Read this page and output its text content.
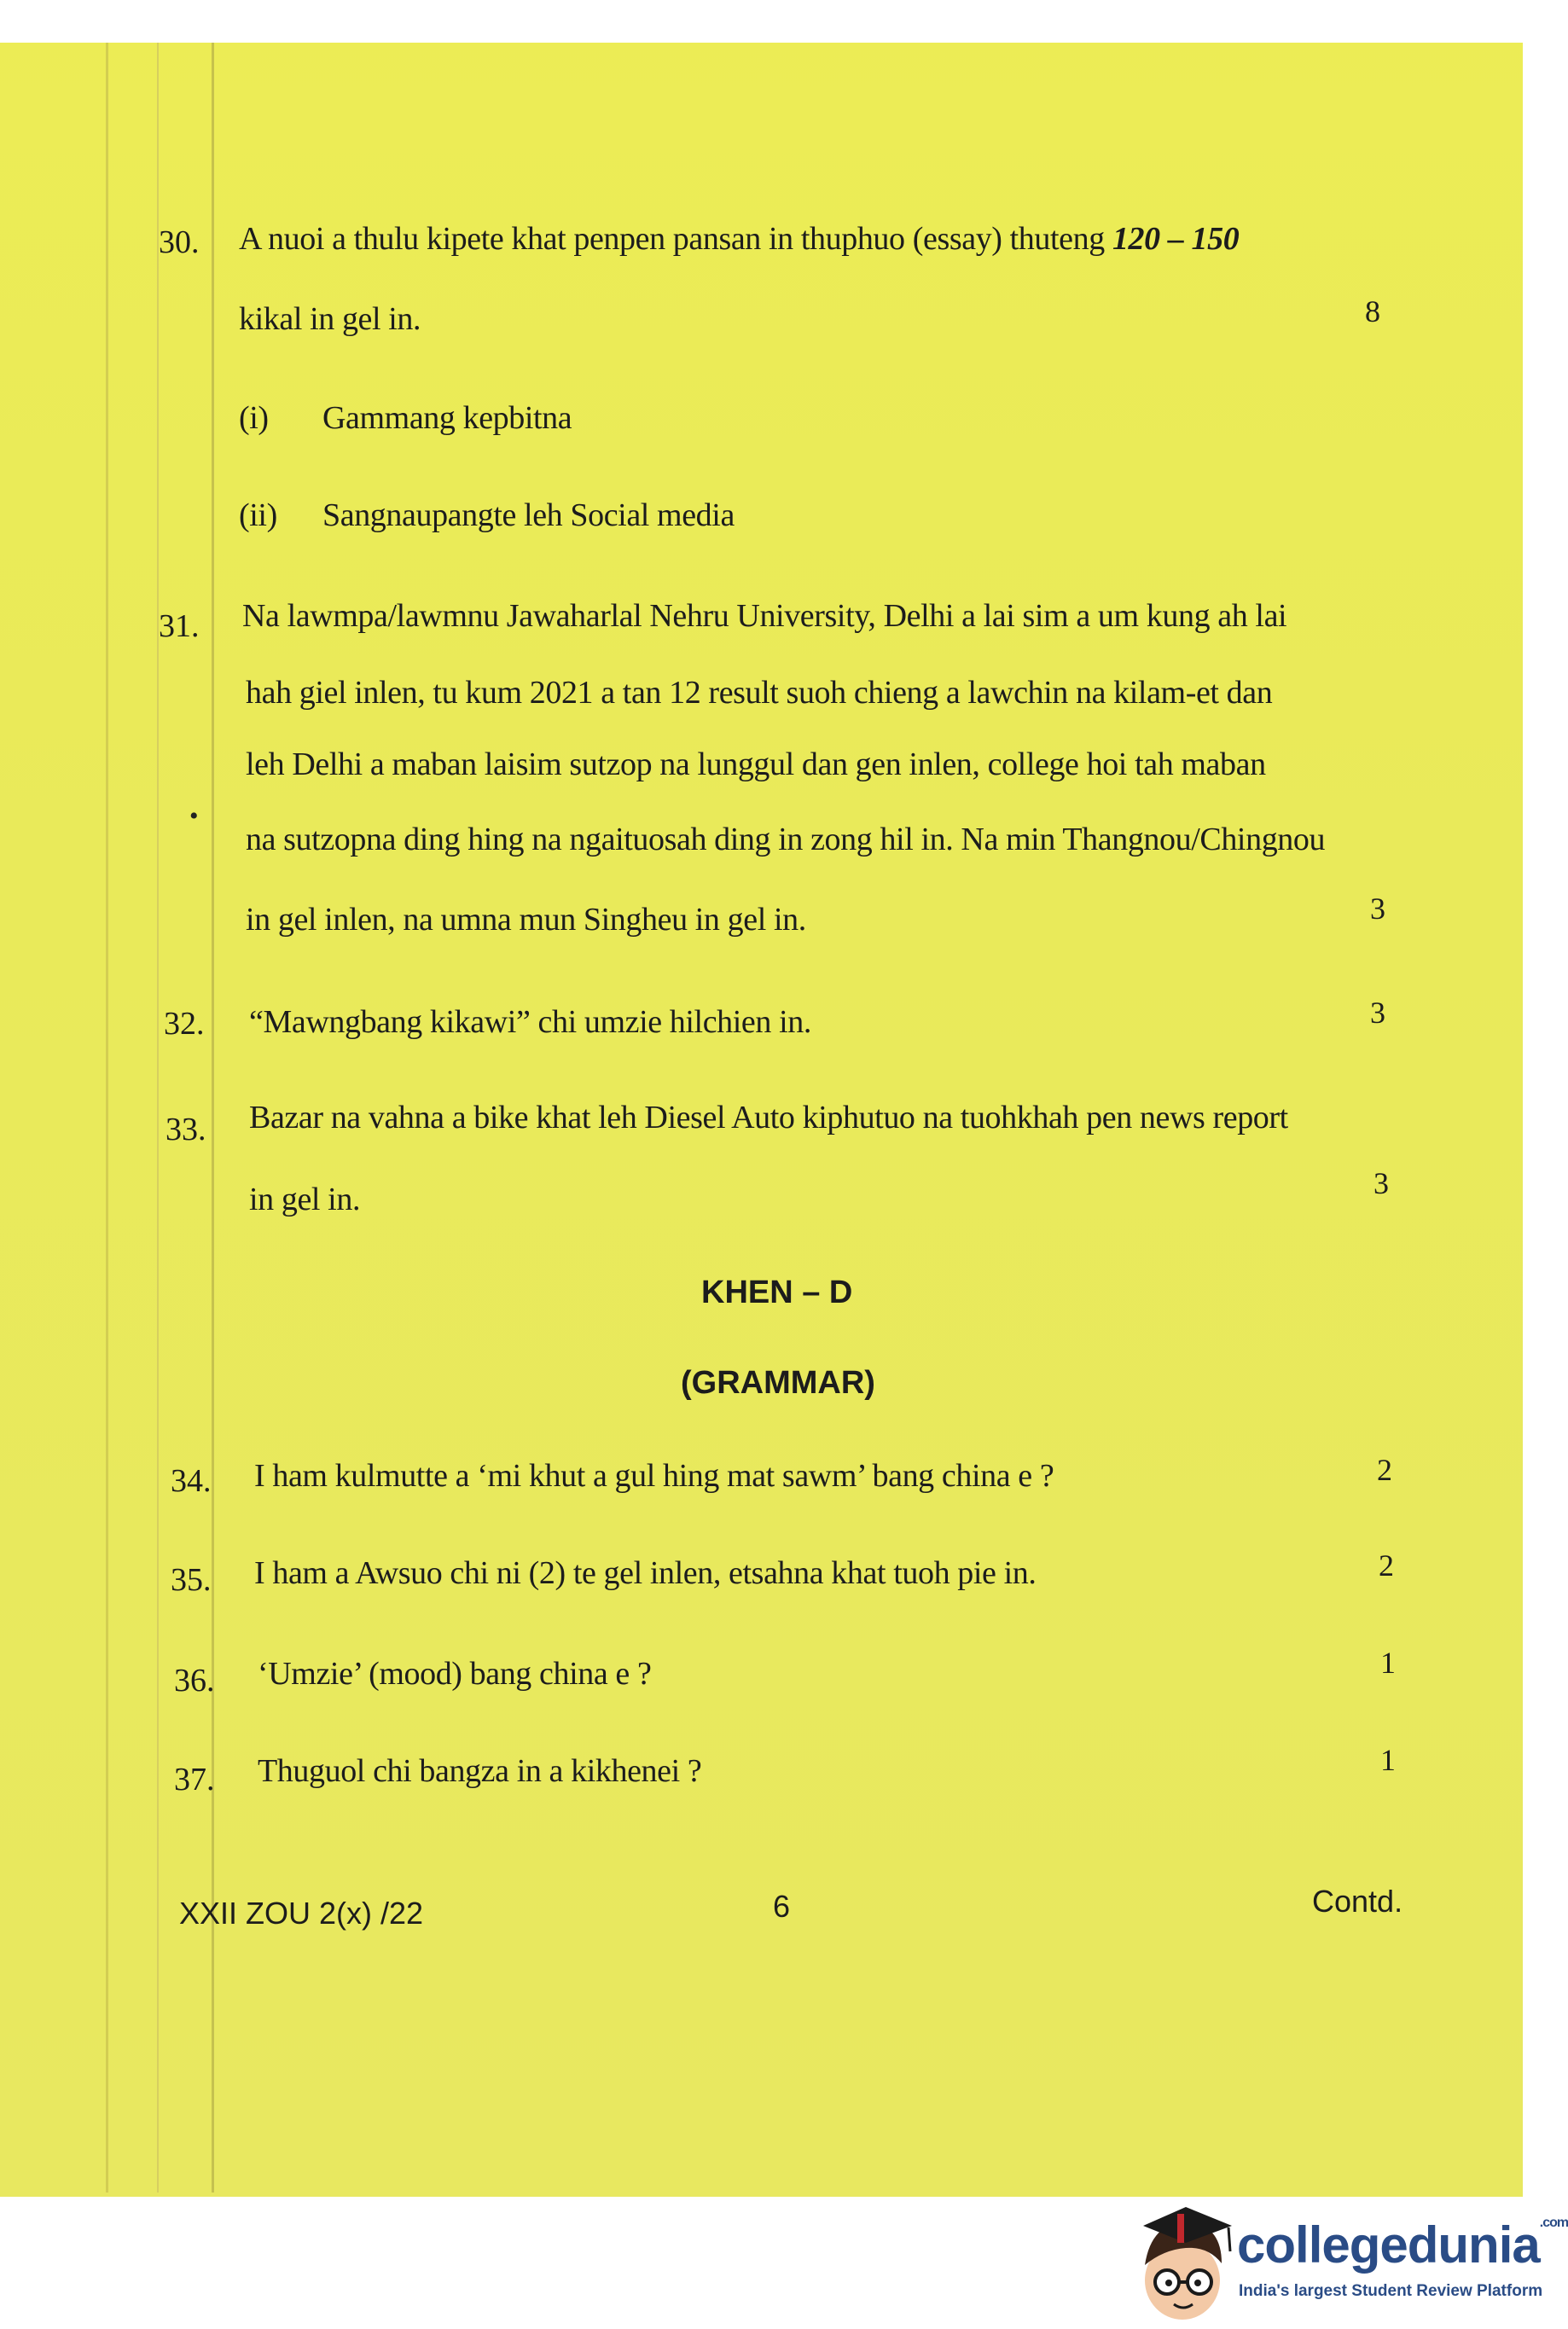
30. A nuoi a thulu kipete khat penpen pansan in thuphuo (essay) thuteng 120 – 150
kikal in gel in.	8
(i) Gammang kepbitna
(ii) Sangnaupangte leh Social media
31. Na lawmpa/lawmnu Jawaharlal Nehru University, Delhi a lai sim a um kung ah lai
hah giel inlen, tu kum 2021 a tan 12 result suoh chieng a lawchin na kilam-et dan
leh Delhi a maban laisim sutzop na lunggul dan gen inlen, college hoi tah maban
na sutzopna ding hing na ngaituosah ding in zong hil in. Na min Thangnou/Chingnou
in gel inlen, na umna mun Singheu in gel in.	3
•
32. “Mawngbang kikawi” chi umzie hilchien in.	3
33. Bazar na vahna a bike khat leh Diesel Auto kiphutuo na tuohkhah pen news report
in gel in.	3
KHEN – D
(GRAMMAR)
34. I ham kulmutte a ‘mi khut a gul hing mat sawm’ bang china e ?	2
35. I ham a Awsuo chi ni (2) te gel inlen, etsahna khat tuoh pie in.	2
36. ‘Umzie’ (mood) bang china e ?	1
37. Thuguol chi bangza in a kikhenei ?	1
XXII ZOU 2(x) /22	6	Contd.
collegedunia$^{.com}$
India's largest Student Review Platform
